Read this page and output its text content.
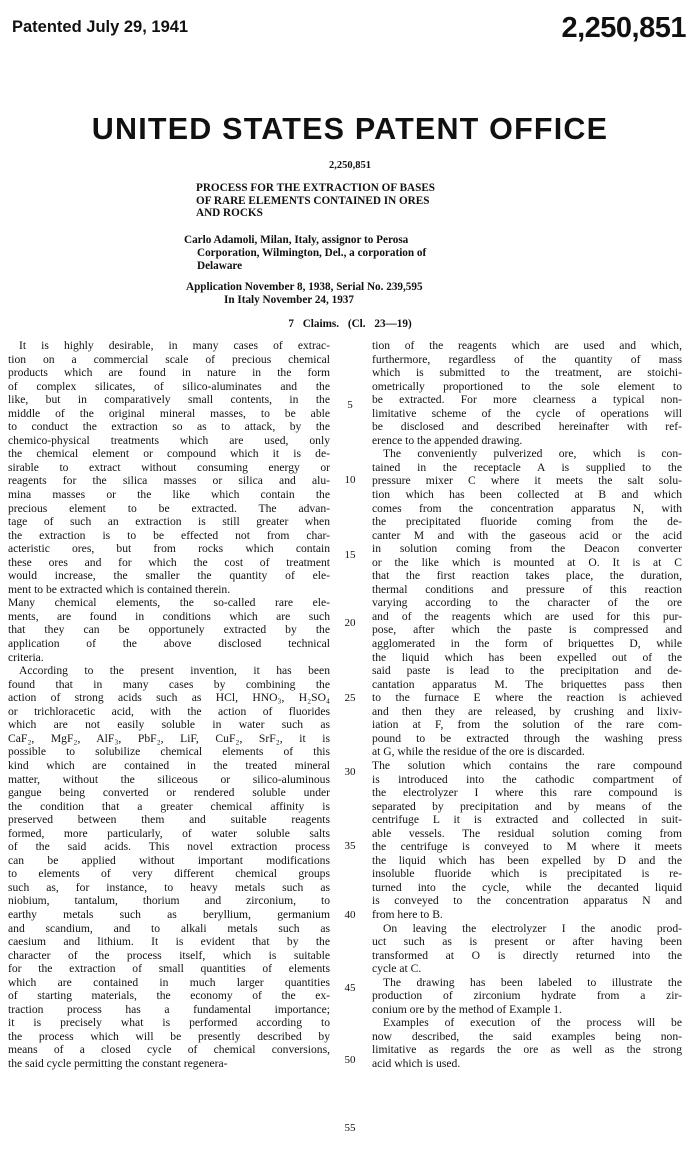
Patented July 29, 1941	2,250,851
UNITED STATES PATENT OFFICE
2,250,851
PROCESS FOR THE EXTRACTION OF BASES
OF RARE ELEMENTS CONTAINED IN ORES
AND ROCKS
Carlo Adamoli, Milan, Italy, assignor to Perosa
Corporation, Wilmington, Del., a corporation of
Delaware
Application November 8, 1938, Serial No. 239,595
In Italy November 24, 1937
7 Claims. (Cl. 23—19)
It is highly desirable, in many cases of extrac-
tion on a commercial scale of precious chemical
products which are found in nature in the form
of complex silicates, of silico-aluminates and the
like, but in comparatively small contents, in the
middle of the original mineral masses, to be able
to conduct the extraction so as to attack, by the
chemico-physical treatments which are used, only
the chemical element or compound which it is de-
sirable to extract without consuming energy or
reagents for the silica masses or silica and alu-
mina masses or the like which contain the
precious element to be extracted. The advan-
tage of such an extraction is still greater when
the extraction is to be effected not from char-
acteristic ores, but from rocks which contain
these ores and for which the cost of treatment
would increase, the smaller the quantity of ele-
ment to be extracted which is contained therein.
Many chemical elements, the so-called rare ele-
ments, are found in conditions which are such
that they can be opportunely extracted by the
application of the above disclosed technical
criteria.
According to the present invention, it has been
found that in many cases by combining the
action of strong acids such as HCl, HNO₃, H₂SO₄
or trichloracetic acid, with the action of fluorides
which are not easily soluble in water such as
CaF₂, MgF₂, AlF₃, PbF₂, LiF, CuF₂, SrF₂, it is
possible to solubilize chemical elements of this
kind which are contained in the treated mineral
matter, without the siliceous or silico-aluminous
gangue being converted or rendered soluble under
the condition that a greater chemical affinity is
preserved between them and suitable reagents
formed, more particularly, of water soluble salts
of the said acids. This novel extraction process
can be applied without important modifications
to elements of very different chemical groups
such as, for instance, to heavy metals such as
niobium, tantalum, thorium and zirconium, to
earthy metals such as beryllium, germanium
and scandium, and to alkali metals such as
caesium and lithium. It is evident that by the
character of the process itself, which is suitable
for the extraction of small quantities of elements
which are contained in much larger quantities
of starting materials, the economy of the ex-
traction process has a fundamental importance;
it is precisely what is performed according to
the process which will be presently described by
means of a closed cycle of chemical conversions,
the said cycle permitting the constant regenera-
tion of the reagents which are used and which,
furthermore, regardless of the quantity of mass
which is submitted to the treatment, are stoichi-
ometrically proportioned to the sole element to
be extracted. For more clearness a typical non-
limitative scheme of the cycle of operations will
be disclosed and described hereinafter with ref-
erence to the appended drawing.
The conveniently pulverized ore, which is con-
tained in the receptacle A is supplied to the
pressure mixer C where it meets the salt solu-
tion which has been collected at B and which
comes from the concentration apparatus N, with
the precipitated fluoride coming from the de-
canter M and with the gaseous acid or the acid
in solution coming from the Deacon converter
or the like which is mounted at O. It is at C
that the first reaction takes place, the duration,
thermal conditions and pressure of this reaction
varying according to the character of the ore
and of the reagents which are used for this pur-
pose, after which the paste is compressed and
agglomerated in the form of briquettes D, while
the liquid which has been expelled out of the
said paste is lead to the precipitation and de-
cantation apparatus M. The briquettes pass then
to the furnace E where the reaction is achieved
and then they are released, by crushing and lixiv-
iation at F, from the solution of the rare com-
pound to be extracted through the washing press
at G, while the residue of the ore is discarded.
The solution which contains the rare compound
is introduced into the cathodic compartment of
the electrolyzer I where this rare compound is
separated by precipitation and by means of the
centrifuge L it is extracted and collected in suit-
able vessels. The residual solution coming from
the centrifuge is conveyed to M where it meets
the liquid which has been expelled by D and the
insoluble fluoride which is precipitated is re-
turned into the cycle, while the decanted liquid
is conveyed to the concentration apparatus N and
from here to B.
On leaving the electrolyzer I the anodic prod-
uct such as is present or after having been
transformed at O is directly returned into the
cycle at C.
The drawing has been labeled to illustrate the
production of zirconium hydrate from a zir-
conium ore by the method of Example 1.
Examples of execution of the process will be
now described, the said examples being non-
limitative as regards the ore as well as the strong
acid which is used.
5
10
15
20
25
30
35
40
45
50
55
